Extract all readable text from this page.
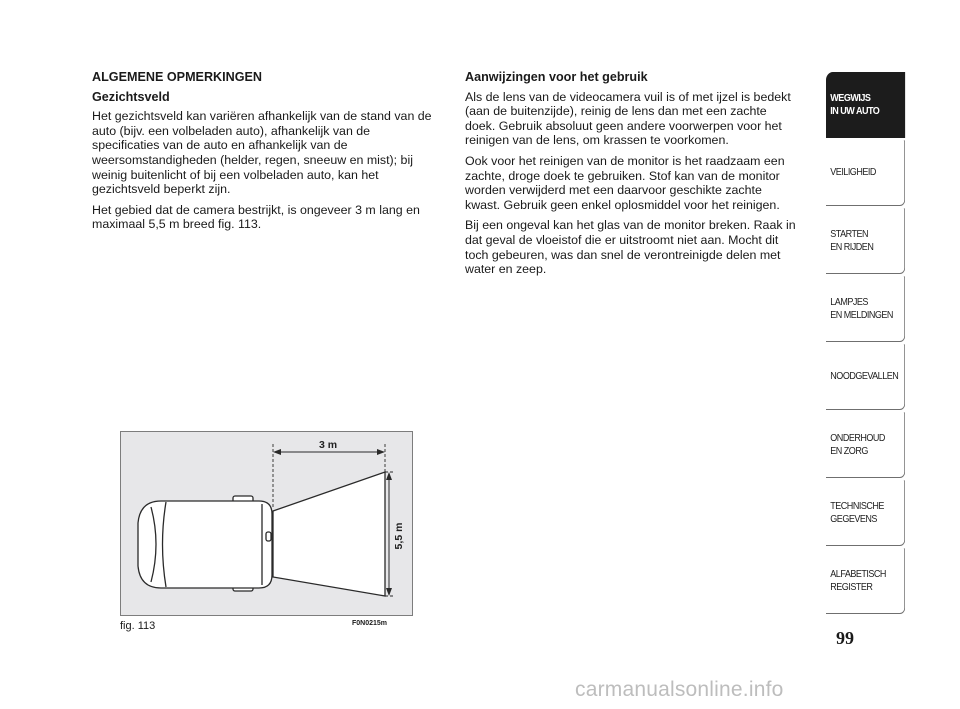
ALGEMENE OPMERKINGEN
Gezichtsveld

Het gezichtsveld kan variëren afhankelijk van de stand van de auto (bijv. een volbeladen auto), afhankelijk van de specificaties van de auto en afhankelijk van de weersomstandigheden (helder, regen, sneeuw en mist); bij weinig buitenlicht of bij een volbeladen auto, kan het gezichtsveld beperkt zijn.

Het gebied dat de camera bestrijkt, is ongeveer 3 m lang en maximaal 5,5 m breed fig. 113.

Aanwijzingen voor het gebruik

Als de lens van de videocamera vuil is of met ijzel is bedekt (aan de buitenzijde), reinig de lens dan met een zachte doek. Gebruik absoluut geen andere voorwerpen voor het reinigen van de lens, om krassen te voorkomen.

Ook voor het reinigen van de monitor is het raadzaam een zachte, droge doek te gebruiken. Stof kan van de monitor worden verwijderd met een daarvoor geschikte zachte kwast. Gebruik geen enkel oplosmiddel voor het reinigen.

Bij een ongeval kan het glas van de monitor breken. Raak in dat geval de vloeistof die er uitstroomt niet aan. Mocht dit toch gebeuren, was dan snel de verontreinigde delen met water en zeep.

3 m
5,5 m
fig. 113	F0N0215m
WEGWIJS
IN UW AUTO
VEILIGHEID
STARTEN
EN RIJDEN
LAMPJES
EN MELDINGEN
NOODGEVALLEN
ONDERHOUD
EN ZORG
TECHNISCHE
GEGEVENS
ALFABETISCH
REGISTER
99
carmanualsonline.info
